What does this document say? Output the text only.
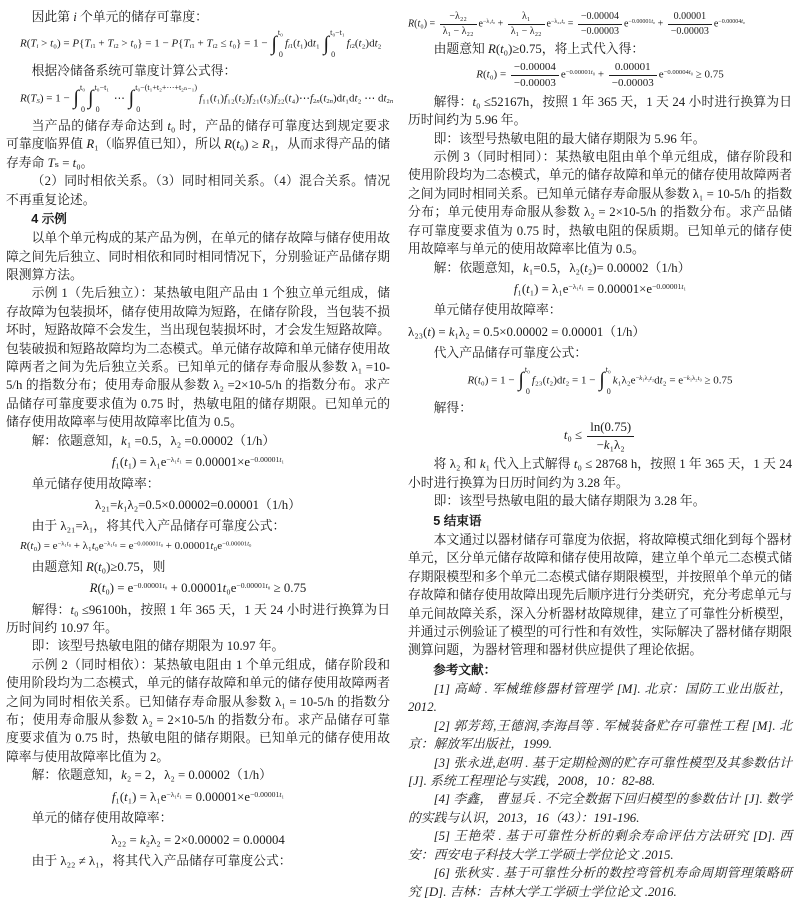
因此第 i 个单元的储存可靠度：
$R(T_i > t_0) = P\{T_{i1} + T_{i2} > t_0\} = 1 - P\{T_{i1} + T_{i2} \le t_0\} = 1$ − ∫ t₀
0
$f_{i1}(t_1)dt_1$ ∫ t₀−t₁
0
$f_{i2}(t_2)dt_2$
根据冷储备系统可靠度计算公式得：
$R(T_S) = 1$ − ∫ t₀
0
∫ t₀−t₁
0
⋯ ∫ t₀−(t₁+t₂+⋯+t₂ₙ₋₁)
0
$f_{11}(t_1)f_{12}(t_2)f_{21}(t_3)f_{22}(t_4)\cdots f_{2n}(t_{2n})dt_1dt_2$ ⋯ $dt_{2n}$
当产品的储存寿命达到 t₀ 时，产品的储存可靠度达到规定要求可靠度临界值 R₁（临界值已知），所以 R(t₀) ≥ R₁，从而求得产品的储存寿命 Tₛ = t₀。
（2）同时相依关系。（3）同时相同关系。（4）混合关系。情况不再重复论述。
4 示例
以单个单元构成的某产品为例，在单元的储存故障与储存使用故障之间先后独立、同时相依和同时相同情况下，分别验证产品储存期限测算方法。
示例 1（先后独立）：某热敏电阻产品由 1 个独立单元组成，储存故障为包装损坏，储存使用故障为短路，在储存阶段，当包装不损坏时，短路故障不会发生，当出现包装损坏时，才会发生短路故障。包装破损和短路故障均为二态模式。单元储存故障和单元储存使用故障两者之间为先后独立关系。已知单元的储存寿命服从参数 λ₁ =10-5/h 的指数分布；使用寿命服从参数 λ₂ =2×10-5/h 的指数分布。求产品储存可靠度要求值为 0.75 时，热敏电阻的储存期限。已知单元的储存使用故障率与使用故障率比值为 0.5。
解：依题意知，k₁ =0.5，λ₂ =0.00002（1/h）
$f_1(t_1) = \lambda_1e^{-\lambda_1t_1} = 0.00001\times e^{-0.00001t_1}$
单元储存使用故障率：
λ₂₁=k₁λ₂=0.5×0.00002=0.00001（1/h）
由于 λ₂₁=λ₁，将其代入产品储存可靠度公式：
$R(t_0) = e^{-\lambda_1t_0} + \lambda_1t_0e^{-\lambda_1t_0} = e^{-0.00001t_0} + 0.00001t_0e^{-0.00001t_0}$
由题意知 R(t₀)≥0.75，则
$R(t_0) = e^{-0.00001t_0} + 0.00001t_0e^{-0.00001t_0} \ge 0.75$
解得：t₀ ≤96100h，按照 1 年 365 天，1 天 24 小时进行换算为日历时间约 10.97 年。
即：该型号热敏电阻的储存期限为 10.97 年。
示例 2（同时相依）：某热敏电阻由 1 个单元组成，储存阶段和使用阶段均为二态模式，单元的储存故障和单元的储存使用故障两者之间为同时相依关系。已知储存寿命服从参数 λ₁ = 10-5/h 的指数分布；使用寿命服从参数 λ₂ = 2×10-5/h 的指数分布。求产品储存可靠度要求值为 0.75 时，热敏电阻的储存期限。已知单元的储存使用故障率与使用故障率比值为 2。
解：依题意知，k₂ = 2，λ₂ = 0.00002（1/h）
$f_1(t_1) = \lambda_1e^{-\lambda_1t_1} = 0.00001\times e^{-0.00001t_1}$
单元的储存使用故障率：
λ₂₂ = k₂λ₂ = 2×0.00002 = 0.00004
由于 λ₂₂ ≠ λ₁，将其代入产品储存可靠度公式：
$R(t_0) = \frac{\text{−λ₂₂}}{\text{λ₁ − λ₂₂}} e^{-\lambda_1t_0} + \frac{\text{λ₁}}{\text{λ₁ − λ₂₂}} e^{-\lambda_{22}t_0} = \frac{-0.00004}{-0.00003} e^{-0.00001t_0} + \frac{0.00001}{-0.00003} e^{-0.00004t_0}$
由题意知 R(t₀)≥0.75，将上式代入得：
$R(t_0) = \frac{-0.00004}{-0.00003} e^{-0.00001t_0} + \frac{0.00001}{-0.00003} e^{-0.00004t_0} \ge 0.75$
解得：t₀ ≤52167h，按照 1 年 365 天，1 天 24 小时进行换算为日历时间约为 5.96 年。
即：该型号热敏电阻的最大储存期限为 5.96 年。
示例 3（同时相同）：某热敏电阻由单个单元组成，储存阶段和使用阶段均为二态模式，单元的储存故障和单元的储存使用故障两者之间为同时相同关系。已知单元储存寿命服从参数 λ₁ = 10-5/h 的指数分布；单元使用寿命服从参数 λ₂ = 2×10-5/h 的指数分布。求产品储存可靠度要求值为 0.75 时，热敏电阻的保质期。已知单元的储存使用故障率与单元的使用故障率比值为 0.5。
解：依题意知，k₁=0.5，λ₂(t₂)= 0.00002（1/h）
$f_1(t_1) = \lambda_1e^{-\lambda_1t_1} = 0.00001\times e^{-0.00001t_1}$
单元储存使用故障率：
λ₂₃(t) = k₁λ₂ = 0.5×0.00002 = 0.00001（1/h）
代入产品储存可靠度公式：
R(t₀) = 1 − ∫ t₀
0
f₂₃(t₂)dt₂ = 1 − ∫ t₀
0
$k_1\lambda_2e^{-k_1\lambda_2t_2}dt_2 = e^{-k_1\lambda_2t_0} \ge 0.75$
解得：
$t_0 \le \frac{\ln(0.75)}{\text{−k₁λ₂}}$
将 λ₂ 和 k₁ 代入上式解得 t₀ ≤ 28768 h，按照 1 年 365 天，1 天 24 小时进行换算为日历时间约为 3.28 年。
即：该型号热敏电阻的最大储存期限为 3.28 年。
5 结束语
本文通过以器材储存可靠度为依据，将故障模式细化到每个器材单元，区分单元储存故障和储存使用故障，建立单个单元二态模式储存期限模型和多个单元二态模式储存期限模型，并按照单个单元的储存故障和储存使用故障出现先后顺序进行分类研究，充分考虑单元与单元间故障关系，深入分析器材故障规律，建立了可靠性分析模型，并通过示例验证了模型的可行性和有效性，实际解决了器材储存期限测算问题，为器材管理和器材供应提供了理论依据。
参考文献：
[1] 高崎 . 军械维修器材管理学 [M]. 北京：国防工业出版社，2012.
[2] 郭芳筠,王德润,李海昌等 . 军械装备贮存可靠性工程 [M]. 北京：解放军出版社，1999.
[3] 张永进,赵明 . 基于定期检测的贮存可靠性模型及其参数估计 [J]. 系统工程理论与实践，2008，10：82-88.
[4] 李鑫， 曹显兵 . 不完全数据下回归模型的参数估计 [J]. 数学的实践与认识，2013，16（43）：191-196.
[5] 王艳荣 . 基于可靠性分析的剩余寿命评估方法研究 [D]. 西安：西安电子科技大学工学硕士学位论文 .2015.
[6] 张秋实 . 基于可靠性分析的数控弯管机寿命周期管理策略研究 [D]. 吉林：吉林大学工学硕士学位论文 .2016.
